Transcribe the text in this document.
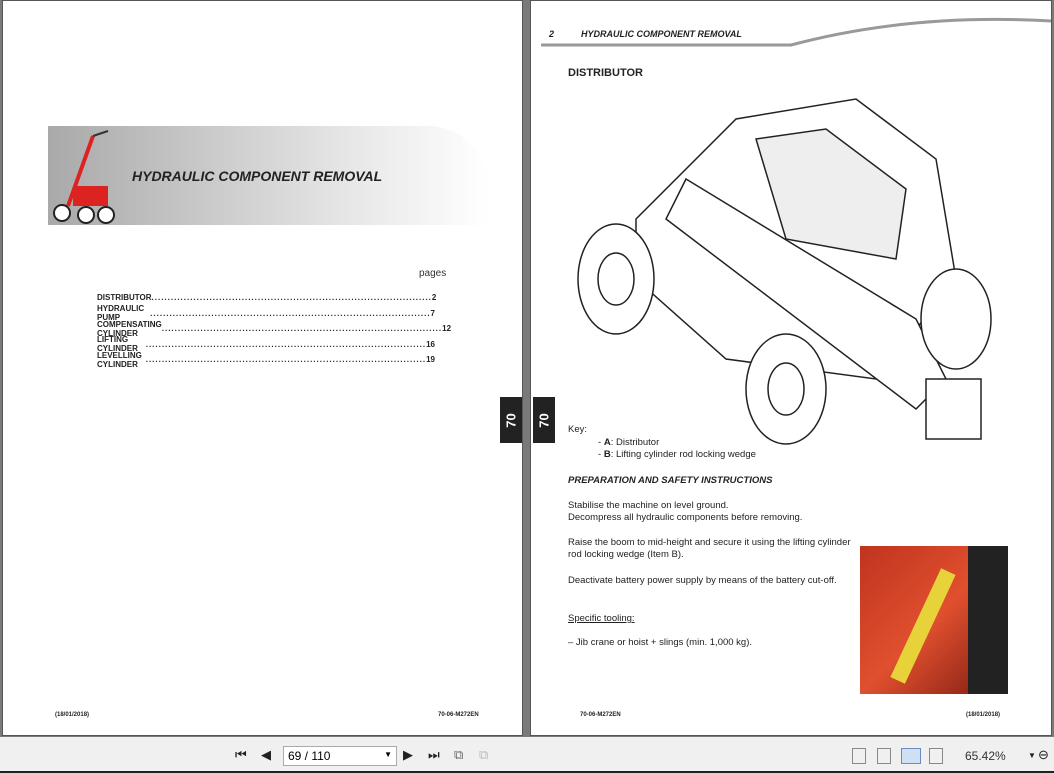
HYDRAULIC COMPONENT REMOVAL
pages
DISTRIBUTOR ....................................................................................... 2
HYDRAULIC PUMP	....................................................................................... 7
COMPENSATING CYLINDER	....................................................................................... 12
LIFTING CYLINDER ....................................................................................... 16
LEVELLING CYLINDER ....................................................................................... 19
70
(18/01/2018)	70-06-M272EN
2	HYDRAULIC COMPONENT REMOVAL
DISTRIBUTOR
70
Key:
- A: Distributor
- B: Lifting cylinder rod locking wedge
PREPARATION AND SAFETY INSTRUCTIONS
Stabilise the machine on level ground.
Decompress all hydraulic components before removing.
Raise the boom to mid-height and secure it using the lifting cylinder
rod locking wedge (Item B).
Deactivate battery power supply by means of the battery cut-off.
Specific tooling:
– Jib crane or hoist + slings (min. 1,000 kg).
70-06-M272EN	(18/01/2018)
⏮ ◀	69 / 110	▼ ▶ ⏭ ⧉ ⧉	65.42%	▼ ⊖
